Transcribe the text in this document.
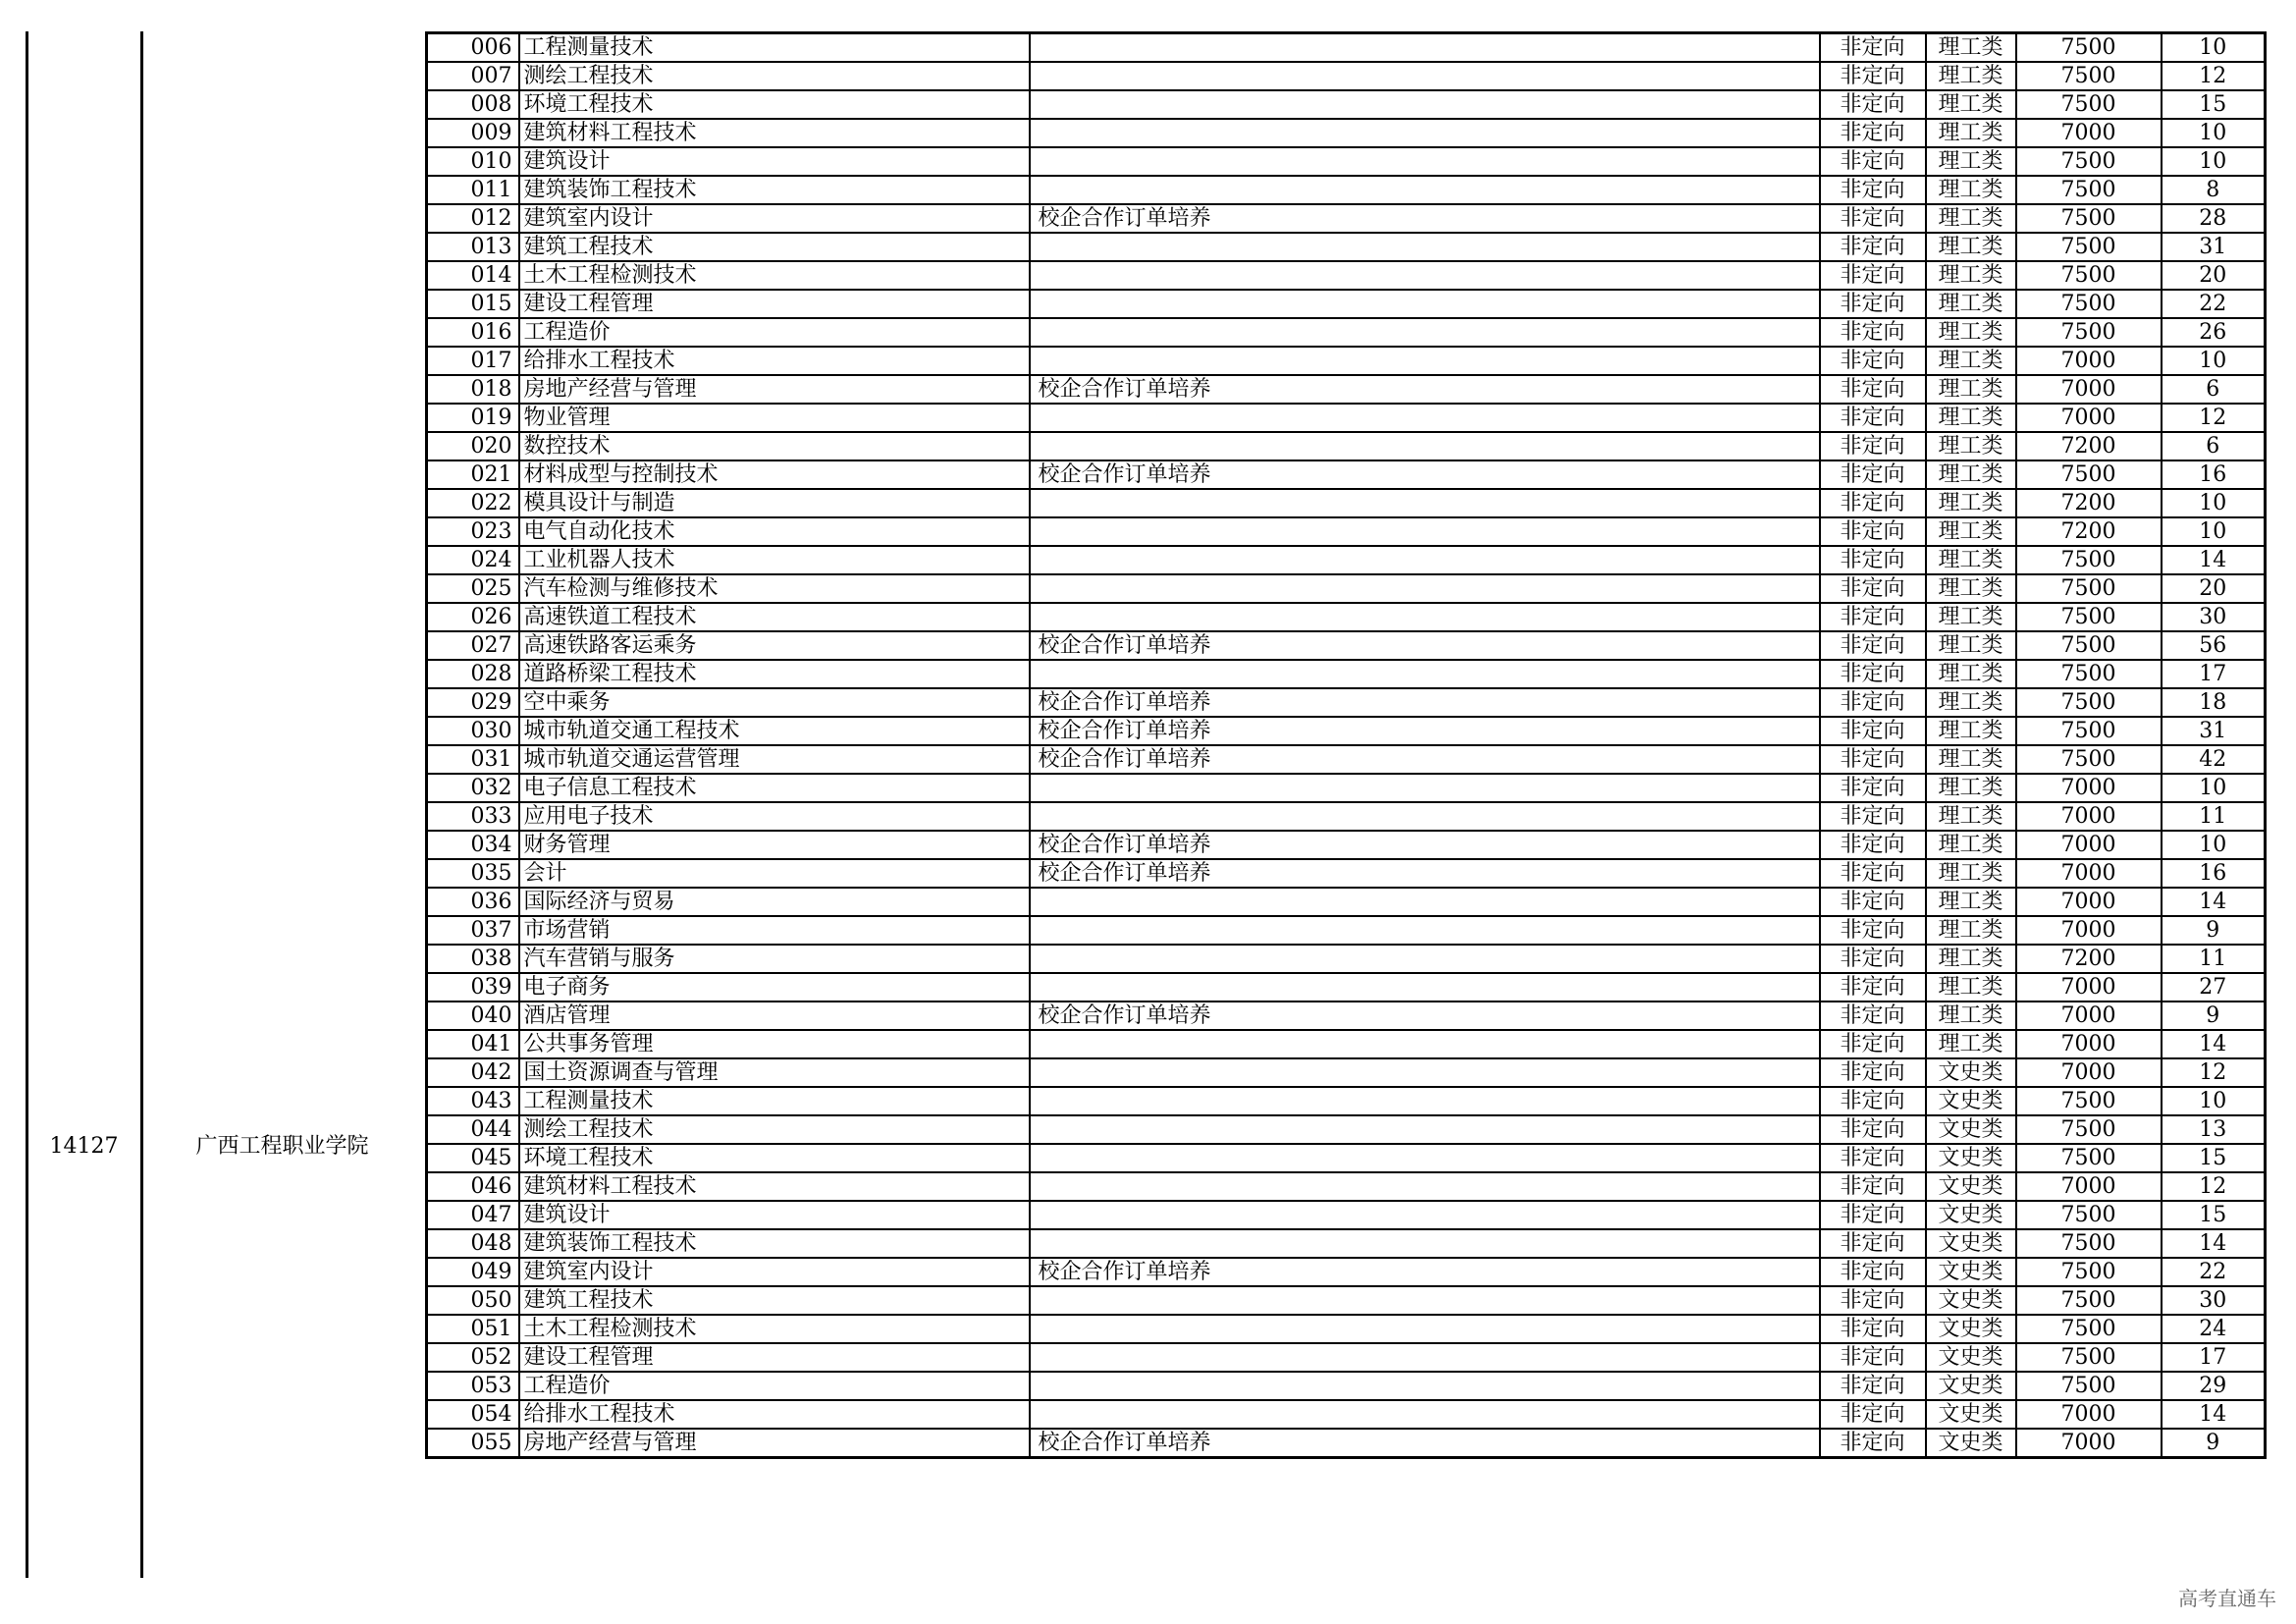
14127	广西工程职业学院
006	工程测量技术		非定向	理工类	7500	10
007	测绘工程技术		非定向	理工类	7500	12
008	环境工程技术		非定向	理工类	7500	15
009	建筑材料工程技术		非定向	理工类	7000	10
010	建筑设计		非定向	理工类	7500	10
011	建筑装饰工程技术		非定向	理工类	7500	8
012	建筑室内设计	校企合作订单培养	非定向	理工类	7500	28
013	建筑工程技术		非定向	理工类	7500	31
014	土木工程检测技术		非定向	理工类	7500	20
015	建设工程管理		非定向	理工类	7500	22
016	工程造价		非定向	理工类	7500	26
017	给排水工程技术		非定向	理工类	7000	10
018	房地产经营与管理	校企合作订单培养	非定向	理工类	7000	6
019	物业管理		非定向	理工类	7000	12
020	数控技术		非定向	理工类	7200	6
021	材料成型与控制技术	校企合作订单培养	非定向	理工类	7500	16
022	模具设计与制造		非定向	理工类	7200	10
023	电气自动化技术		非定向	理工类	7200	10
024	工业机器人技术		非定向	理工类	7500	14
025	汽车检测与维修技术		非定向	理工类	7500	20
026	高速铁道工程技术		非定向	理工类	7500	30
027	高速铁路客运乘务	校企合作订单培养	非定向	理工类	7500	56
028	道路桥梁工程技术		非定向	理工类	7500	17
029	空中乘务	校企合作订单培养	非定向	理工类	7500	18
030	城市轨道交通工程技术	校企合作订单培养	非定向	理工类	7500	31
031	城市轨道交通运营管理	校企合作订单培养	非定向	理工类	7500	42
032	电子信息工程技术		非定向	理工类	7000	10
033	应用电子技术		非定向	理工类	7000	11
034	财务管理	校企合作订单培养	非定向	理工类	7000	10
035	会计	校企合作订单培养	非定向	理工类	7000	16
036	国际经济与贸易		非定向	理工类	7000	14
037	市场营销		非定向	理工类	7000	9
038	汽车营销与服务		非定向	理工类	7200	11
039	电子商务		非定向	理工类	7000	27
040	酒店管理	校企合作订单培养	非定向	理工类	7000	9
041	公共事务管理		非定向	理工类	7000	14
042	国土资源调查与管理		非定向	文史类	7000	12
043	工程测量技术		非定向	文史类	7500	10
044	测绘工程技术		非定向	文史类	7500	13
045	环境工程技术		非定向	文史类	7500	15
046	建筑材料工程技术		非定向	文史类	7000	12
047	建筑设计		非定向	文史类	7500	15
048	建筑装饰工程技术		非定向	文史类	7500	14
049	建筑室内设计	校企合作订单培养	非定向	文史类	7500	22
050	建筑工程技术		非定向	文史类	7500	30
051	土木工程检测技术		非定向	文史类	7500	24
052	建设工程管理		非定向	文史类	7500	17
053	工程造价		非定向	文史类	7500	29
054	给排水工程技术		非定向	文史类	7000	14
055	房地产经营与管理	校企合作订单培养	非定向	文史类	7000	9
高考直通车
